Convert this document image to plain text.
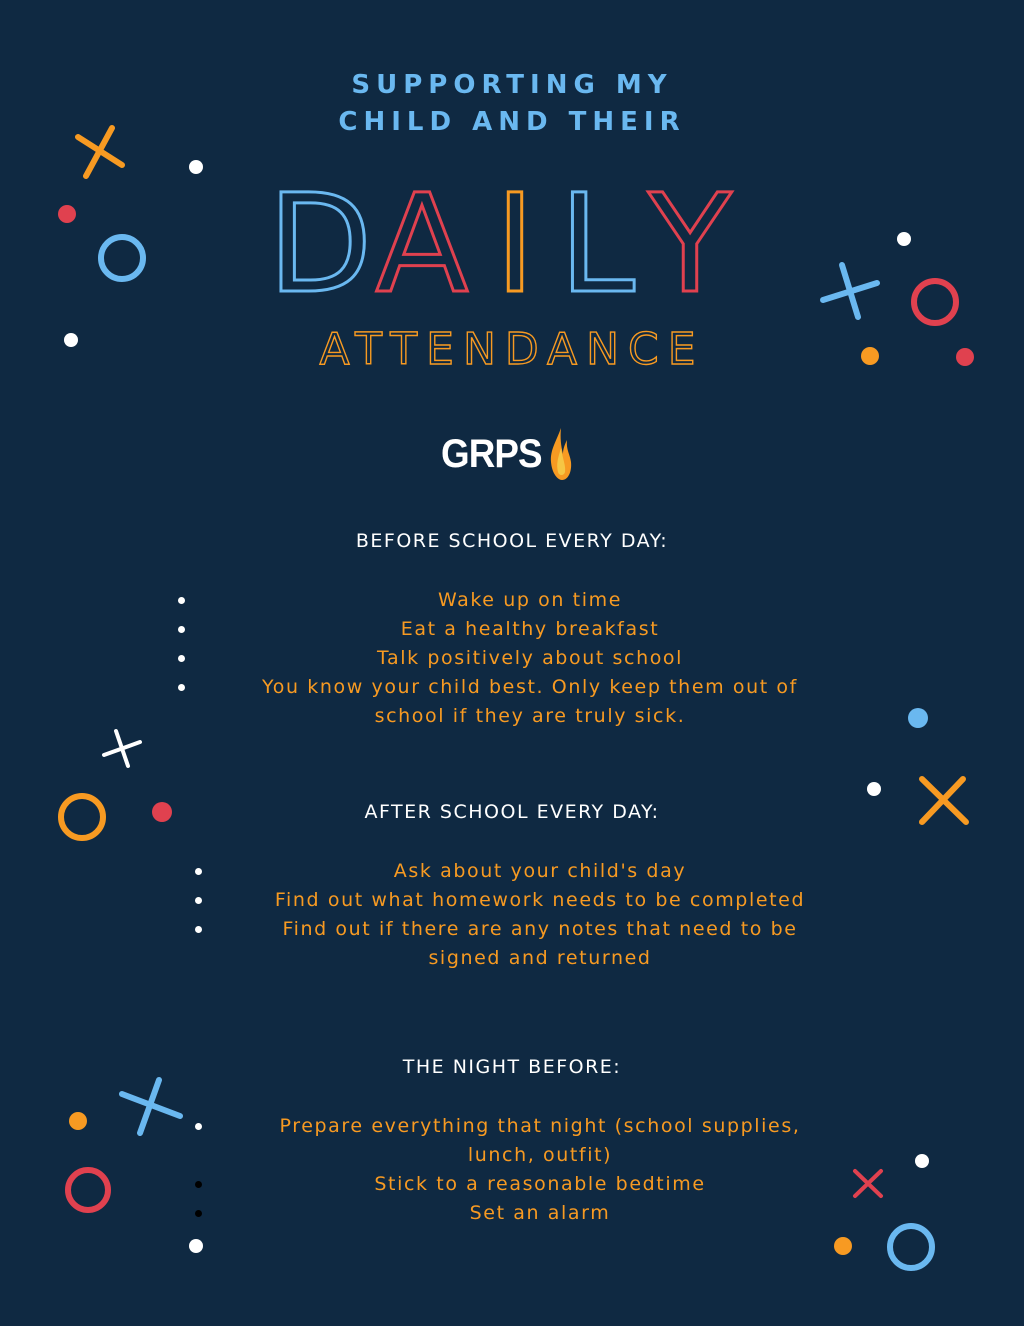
SUPPORTING MY
CHILD AND THEIR
D A I L Y
ATTENDANCE
GRPS
BEFORE SCHOOL EVERY DAY:
Wake up on time
Eat a healthy breakfast
Talk positively about school
You know your child best. Only keep them out of
school if they are truly sick.
AFTER SCHOOL EVERY DAY:
Ask about your child's day
Find out what homework needs to be completed
Find out if there are any notes that need to be
signed and returned
THE NIGHT BEFORE:
Prepare everything that night (school supplies,
lunch, outfit)
Stick to a reasonable bedtime
Set an alarm
